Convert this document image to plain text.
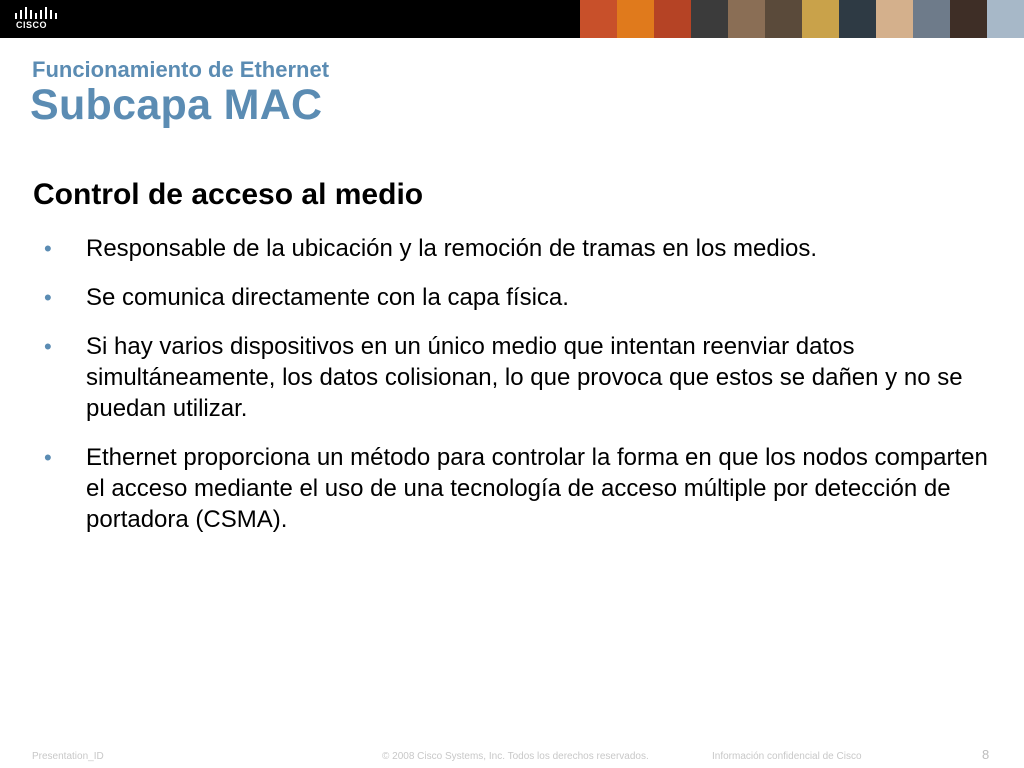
CISCO
Funcionamiento de Ethernet
Subcapa MAC
Control de acceso al medio
• Responsable de la ubicación y la remoción de tramas en los medios.
• Se comunica directamente con la capa física.
• Si hay varios dispositivos en un único medio que intentan reenviar datos simultáneamente, los datos colisionan, lo que provoca que estos se dañen y no se puedan utilizar.
• Ethernet proporciona un método para controlar la forma en que los nodos comparten el acceso mediante el uso de una tecnología de acceso múltiple por detección de portadora (CSMA).
Presentation_ID	© 2008 Cisco Systems, Inc. Todos los derechos reservados.	Información confidencial de Cisco	8
